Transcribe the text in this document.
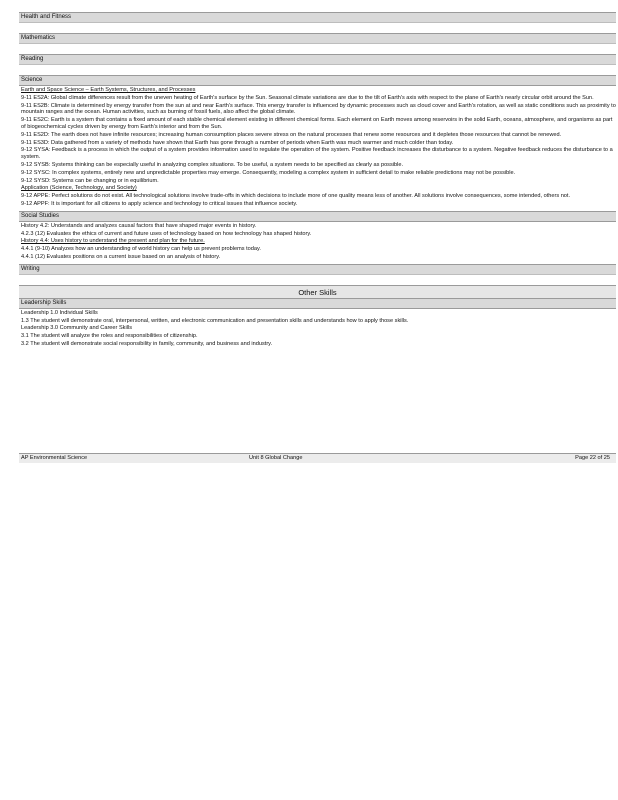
Health and Fitness
Mathematics
Reading
Science

Earth and Space Science – Earth Systems, Structures, and Processes

9-11 ES2A: Global climate differences result from the uneven heating of Earth's surface by the Sun. Seasonal climate variations are due to the tilt of Earth's axis with respect to the plane of Earth's nearly circular orbit around the Sun.

9-11 ES2B: Climate is determined by energy transfer from the sun at and near Earth's surface. This energy transfer is influenced by dynamic processes such as cloud cover and Earth's rotation, as well as static conditions such as proximity to mountain ranges and the ocean. Human activities, such as burning of fossil fuels, also affect the global climate.

9-11 ES2C: Earth is a system that contains a fixed amount of each stable chemical element existing in different chemical forms. Each element on Earth moves among reservoirs in the solid Earth, oceans, atmosphere, and organisms as part of biogeochemical cycles driven by energy from Earth's interior and from the Sun.

9-11 ES2D: The earth does not have infinite resources; increasing human consumption places severe stress on the natural processes that renew some resources and it depletes those resources that cannot be renewed.

9-11 ES3D: Data gathered from a variety of methods have shown that Earth has gone through a number of periods when Earth was much warmer and much colder than today.

9-12 SYSA: Feedback is a process in which the output of a system provides information used to regulate the operation of the system. Positive feedback increases the disturbance to a system. Negative feedback reduces the disturbance to a system.

9-12 SYSB: Systems thinking can be especially useful in analyzing complex situations. To be useful, a system needs to be specified as clearly as possible.

9-12 SYSC: In complex systems, entirely new and unpredictable properties may emerge. Consequently, modeling a complex system in sufficient detail to make reliable predictions may not be possible.

9-12 SYSD: Systems can be changing or in equilibrium.

Application (Science, Technology, and Society)

9-12 APPE: Perfect solutions do not exist. All technological solutions involve trade-offs in which decisions to include more of one quality means less of another. All solutions involve consequences, some intended, others not.

9-12 APPF: It is important for all citizens to apply science and technology to critical issues that influence society.

Social Studies

History 4.2: Understands and analyzes causal factors that have shaped major events in history.

4.2.3 (12) Evaluates the ethics of current and future uses of technology based on how technology has shaped history.

History 4.4: Uses history to understand the present and plan for the future.

4.4.1 (9-10) Analyzes how an understanding of world history can help us prevent problems today.

4.4.1 (12) Evaluates positions on a current issue based on an analysis of history.

Writing
Other Skills
Leadership Skills

Leadership 1.0 Individual Skills

1.3 The student will demonstrate oral, interpersonal, written, and electronic communication and presentation skills and understands how to apply those skills.

Leadership 3.0 Community and Career Skills

3.1 The student will analyze the roles and responsibilities of citizenship.

3.2 The student will demonstrate social responsibility in family, community, and business and industry.

AP Environmental Science	Unit 8 Global Change	Page 22 of 25
